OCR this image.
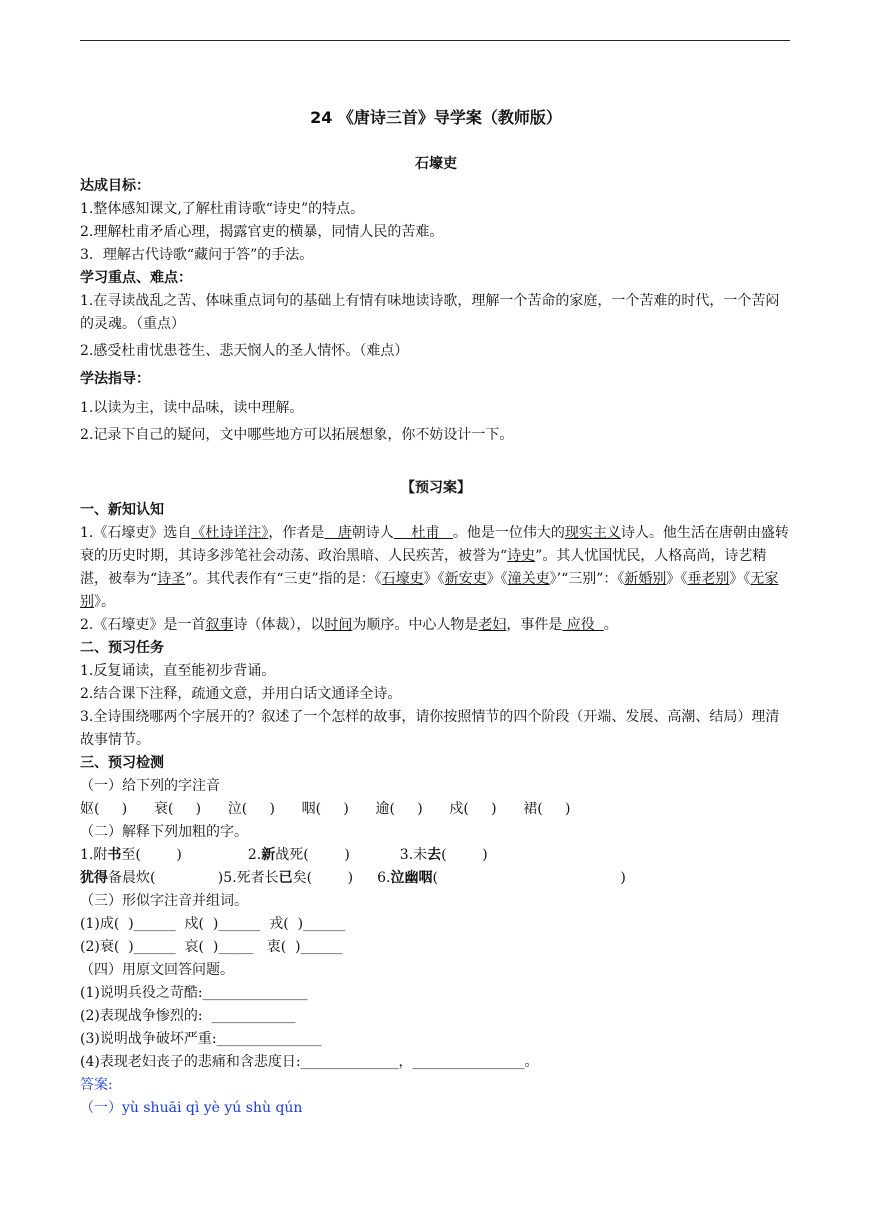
24 《唐诗三首》导学案（教师版）
石壕吏

达成目标：

1.整体感知课文,了解杜甫诗歌“诗史”的特点。

2.理解杜甫矛盾心理，揭露官吏的横暴，同情人民的苦难。

3．理解古代诗歌“藏问于答”的手法。

学习重点、难点：

1.在寻读战乱之苦、体味重点词句的基础上有情有味地读诗歌，理解一个苦命的家庭，一个苦难的时代，一个苦闷的灵魂。（重点）

2.感受杜甫忧患苍生、悲天悯人的圣人情怀。（难点）

学法指导：

1.以读为主，读中品味，读中理解。

2.记录下自己的疑问，文中哪些地方可以拓展想象，你不妨设计一下。

【预习案】

一、新知认知

1.《石壕吏》选自《杜诗详注》，作者是   唐朝诗人    杜甫   。他是一位伟大的现实主义诗人。他生活在唐朝由盛转衰的历史时期，其诗多涉笔社会动荡、政治黑暗、人民疾苦，被誉为“诗史”。其人忧国忧民，人格高尚，诗艺精湛，被奉为“诗圣”。其代表作有“三吏”指的是：《石壕吏》《新安吏》《潼关吏》’“三别”：《新婚别》《垂老别》《无家别》。

2.《石壕吏》是一首叙事诗（体裁），以时间为顺序。中心人物是老妇，事件是 应役  。

二、预习任务

1.反复诵读，直至能初步背诵。

2.结合课下注释，疏通文意，并用白话文通译全诗。

3.全诗围绕哪两个字展开的？叙述了一个怎样的故事，请你按照情节的四个阶段（开端、发展、高潮、结局）理清故事情节。

三、预习检测

（一）给下列的字注音

妪(     )      衰(     )      泣(     )      咽(     )      逾(     )      戍(     )      裙(     )

（二）解释下列加粗的字。

1.附书至(        )	2.新战死(        )	3.未去(        )

犹得备晨炊(              )5.死者长已矣(        ) 6.泣幽咽(                                         )

（三）形似字注音并组词。

(1)成(  )______  戍(  )______  戎(  )______

(2)衰(  )______  哀(  )_____   衷(  )______

（四）用原文回答问题。

(1)说明兵役之苛酷:_______________

(2)表现战争惨烈的:  ____________

(3)说明战争破坏严重:_______________

(4)表现老妇丧子的悲痛和含悲度日:______________，________________。

答案:

（一）yù shuāi qì yè yú shù qún
